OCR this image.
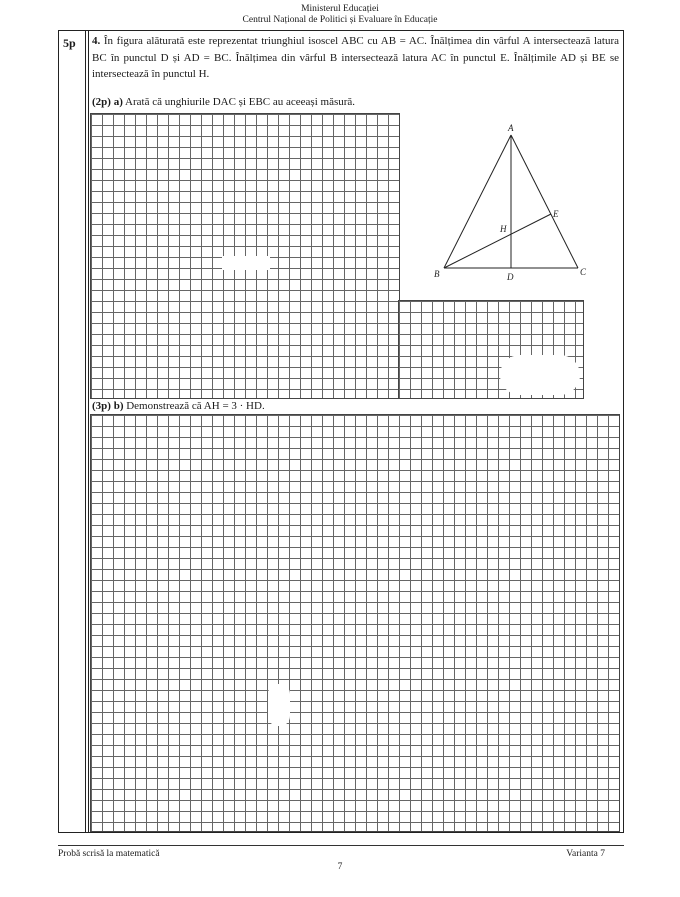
Ministerul Educației
Centrul Național de Politici și Evaluare în Educație
5p 4. În figura alăturată este reprezentat triunghiul isoscel ABC cu AB = AC. Înălțimea din vârful A intersectează latura BC în punctul D și AD = BC. Înălțimea din vârful B intersectează latura AC în punctul E. Înălțimile AD și BE se intersectează în punctul H.
(2p) a) Arată că unghiurile DAC și EBC au aceeași măsură.
A
B	C
D
E
H
(3p) b) Demonstrează că AH = 3 · HD.
Probă scrisă la matematică	Varianta 7
7
